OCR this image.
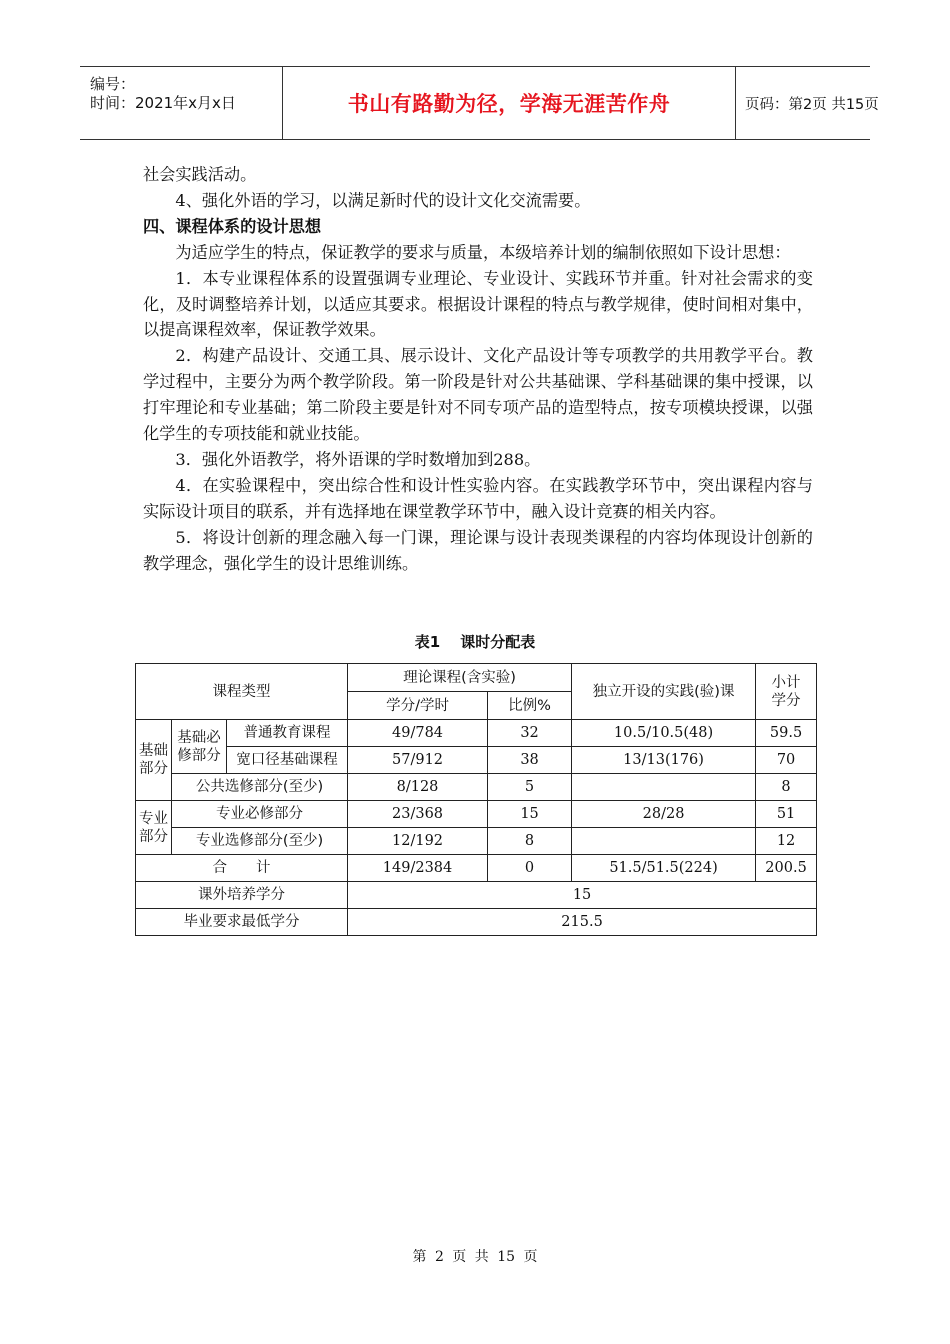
编号：
时间：2021年x月x日	书山有路勤为径，学海无涯苦作舟	页码：第2页 共15页

社会实践活动。

4、强化外语的学习，以满足新时代的设计文化交流需要。

四、课程体系的设计思想

为适应学生的特点，保证教学的要求与质量，本级培养计划的编制依照如下设计思想：

1．本专业课程体系的设置强调专业理论、专业设计、实践环节并重。针对社会需求的变化，及时调整培养计划，以适应其要求。根据设计课程的特点与教学规律，使时间相对集中，以提高课程效率，保证教学效果。

2．构建产品设计、交通工具、展示设计、文化产品设计等专项教学的共用教学平台。教学过程中，主要分为两个教学阶段。第一阶段是针对公共基础课、学科基础课的集中授课，以打牢理论和专业基础；第二阶段主要是针对不同专项产品的造型特点，按专项模块授课，以强化学生的专项技能和就业技能。

3．强化外语教学，将外语课的学时数增加到288。

4．在实验课程中，突出综合性和设计性实验内容。在实践教学环节中，突出课程内容与实际设计项目的联系，并有选择地在课堂教学环节中，融入设计竞赛的相关内容。

5．将设计创新的理念融入每一门课，理论课与设计表现类课程的内容均体现设计创新的教学理念，强化学生的设计思维训练。

表1 课时分配表
课程类型			理论课程(含实验)		独立开设的实践(验)课	小计学分
			学分/学时	比例%		
基础部分	基础必修部分	普通教育课程	49/784	32	10.5/10.5(48)	59.5
		宽口径基础课程	57/912	38	13/13(176)	70
	公共选修部分(至少)		8/128	5		8
专业部分	专业必修部分		23/368	15	28/28	51
	专业选修部分(至少)		12/192	8		12
合　　计			149/2384	0	51.5/51.5(224)	200.5
课外培养学分			15			
毕业要求最低学分			215.5			
第 2 页 共 15 页
